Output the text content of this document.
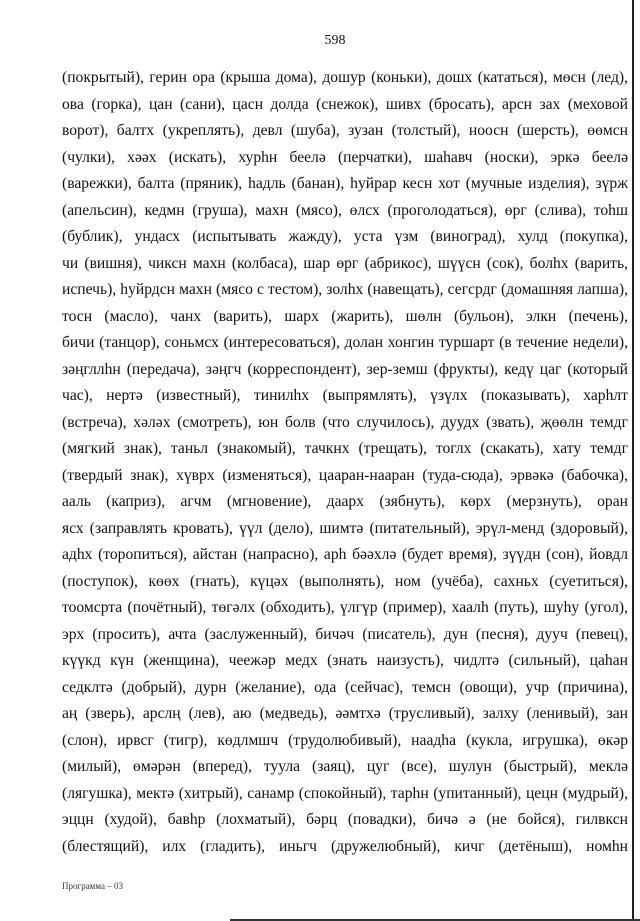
598
(покрытый), герин ора (крыша дома), дошур (коньки), дошх (кататься), мөсн (лед),
ова (горка), цан (сани), цасн долда (снежок), шивх (бросать), арсн зах (меховой
ворот), балтх (укреплять), девл (шуба), зузан (толстый), ноосн (шерсть), өөмсн
(чулки), хәәх (искать), хурһн беелә (перчатки), шаһавч (носки), эркә беелә
(варежки), балта (пряник), һадль (банан), һуйрар кесн хот (мучные изделия), зүрж
(апельсин), кедмн (груша), махн (мясо), өлсх (проголодаться), өрг (слива), тоһш
(бублик), ундасх (испытывать жажду), уста үзм (виноград), хулд (покупка),
чи (вишня), чиксн махн (колбаса), шар өрг (абрикос), шүүсн (сок), болһх (варить,
испечь), һуйрдсн махн (мясо с тестом), золһх (навещать), сегсрдг (домашняя лапша),
тосн (масло), чанх (варить), шарх (жарить), шөлн (бульон), элкн (печень),
бичи (танцор), соньмсх (интересоваться), долан хонгин туршарт (в течение недели),
зәңгллһн (передача), зәңгч (корреспондент), зер-земш (фрукты), кедү цаг (который
час), нертә (известный), тинилһх (выпрямлять), үзүлх (показывать), харһлт
(встреча), хәләх (смотреть), юн болв (что случилось), дуудх (звать), җөөлн темдг
(мягкий знак), таньл (знакомый), тачкнх (трещать), тоглх (скакать), хату темдг
(твердый знак), хүврх (изменяться), цааран-нааран (туда-сюда), эрвәкә (бабочка),
ааль (каприз), агчм (мгновение), даарх (зябнуть), көрх (мерзнуть), оран
ясх (заправлять кровать), үүл (дело), шимтә (питательный), эрүл-менд (здоровый),
адһх (торопиться), айстан (напрасно), арһ бәәхлә (будет время), зүүдн (сон), йовдл
(поступок), көөх (гнать), күцәх (выполнять), ном (учёба), сахньх (суетиться),
тоомсрта (почётный), төгәлх (обходить), үлгүр (пример), хаалһ (путь), шуһу (угол),
эрх (просить), ачта (заслуженный), бичәч (писатель), дун (песня), дууч (певец),
күүкд күн (женщина), чеежәр медх (знать наизусть), чидлтә (сильный), цаһан
седклтә (добрый), дурн (желание), ода (сейчас), темсн (овощи), учр (причина),
аң (зверь), арслң (лев), аю (медведь), әәмтхә (трусливый), залху (ленивый), зан
(слон), ирвсг (тигр), көдлмшч (трудолюбивый), наадһа (кукла, игрушка), өкәр
(милый), өмәрән (вперед), туула (заяц), цуг (все), шулун (быстрый), меклә
(лягушка), мектә (хитрый), санамр (спокойный), тарһн (упитанный), цецн (мудрый),
эццн (худой), бавһр (лохматый), бәрц (повадки), бичә ә (не бойся), гилвксн
(блестящий), илх (гладить), иньгч (дружелюбный), кичг (детёныш), номһн
Программа – 03
